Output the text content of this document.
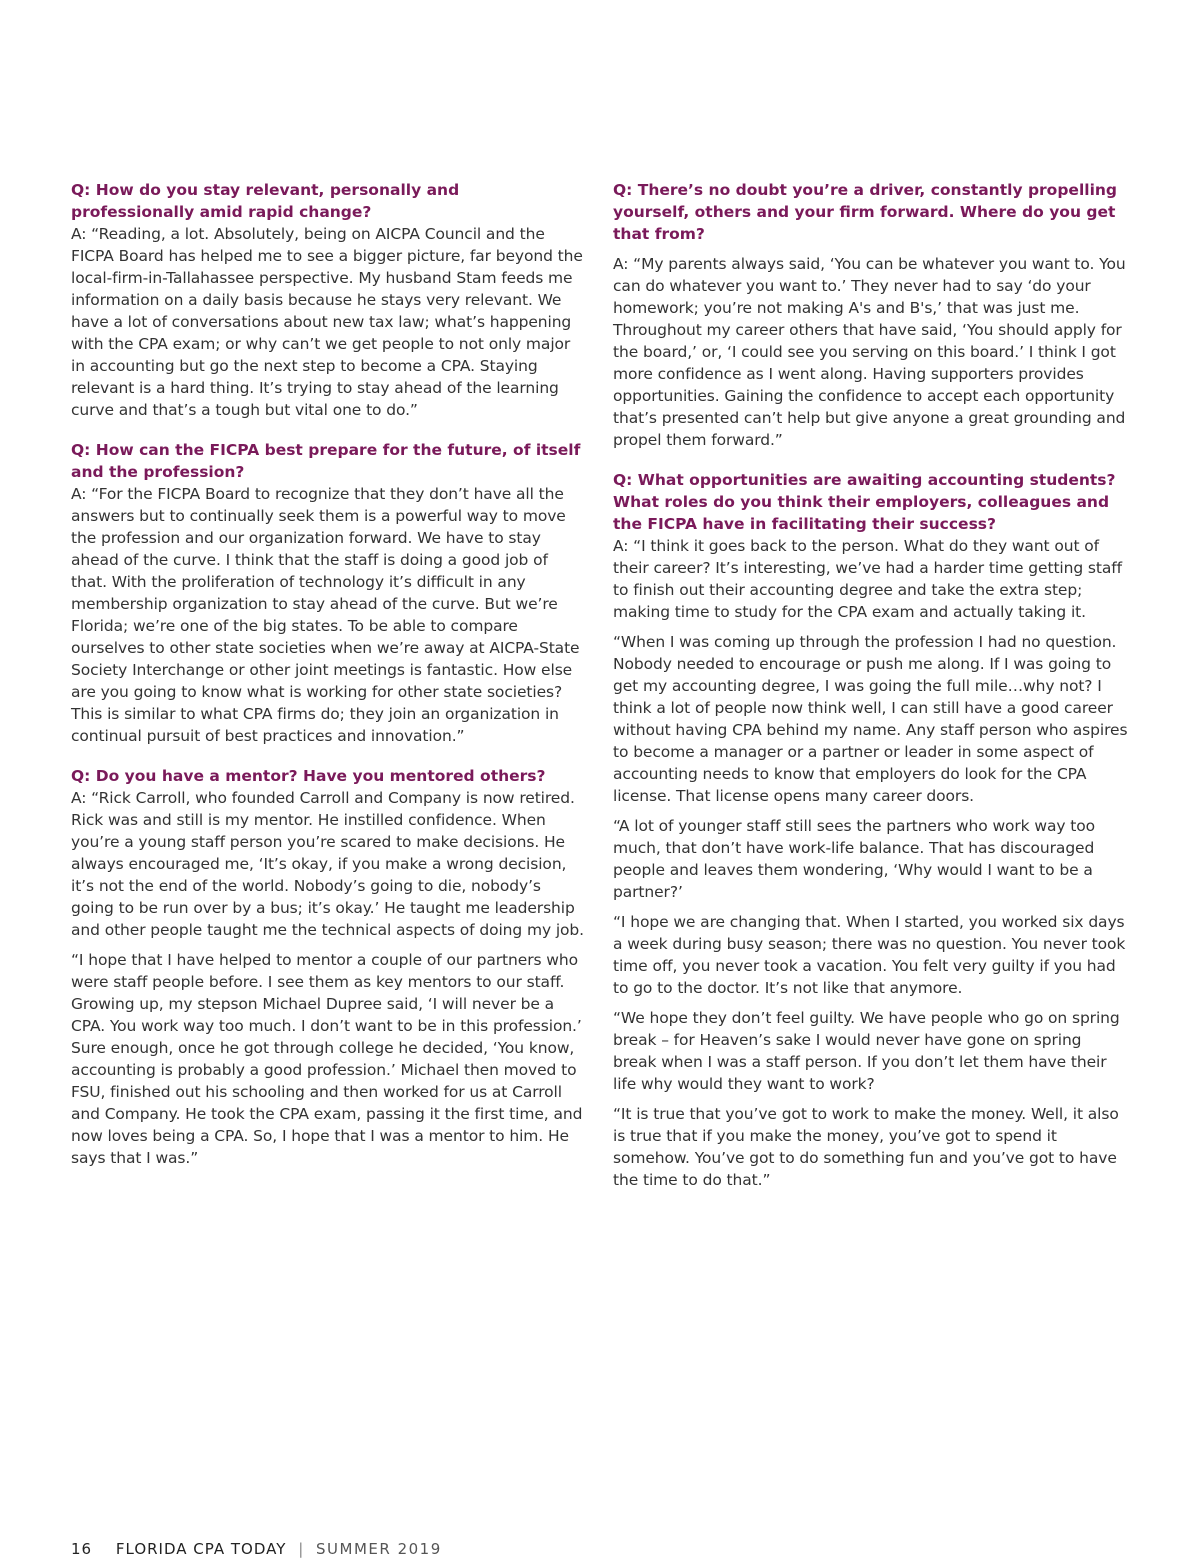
Q: How do you stay relevant, personally and professionally amid rapid change?

A: “Reading, a lot. Absolutely, being on AICPA Council and the FICPA Board has helped me to see a bigger picture, far beyond the local-firm-in-Tallahassee perspective. My husband Stam feeds me information on a daily basis because he stays very relevant. We have a lot of conversations about new tax law; what’s happening with the CPA exam; or why can’t we get people to not only major in accounting but go the next step to become a CPA. Staying relevant is a hard thing. It’s trying to stay ahead of the learning curve and that’s a tough but vital one to do.”

Q: How can the FICPA best prepare for the future, of itself and the profession?

A: “For the FICPA Board to recognize that they don’t have all the answers but to continually seek them is a powerful way to move the profession and our organization forward. We have to stay ahead of the curve. I think that the staff is doing a good job of that. With the proliferation of technology it’s difficult in any membership organization to stay ahead of the curve. But we’re Florida; we’re one of the big states. To be able to compare ourselves to other state societies when we’re away at AICPA-State Society Interchange or other joint meetings is fantastic. How else are you going to know what is working for other state societies? This is similar to what CPA firms do; they join an organization in continual pursuit of best practices and innovation.”

Q: Do you have a mentor? Have you mentored others?

A: “Rick Carroll, who founded Carroll and Company is now retired. Rick was and still is my mentor. He instilled confidence. When you’re a young staff person you’re scared to make decisions. He always encouraged me, ‘It’s okay, if you make a wrong decision, it’s not the end of the world. Nobody’s going to die, nobody’s going to be run over by a bus; it’s okay.’ He taught me leadership and other people taught me the technical aspects of doing my job.

“I hope that I have helped to mentor a couple of our partners who were staff people before. I see them as key mentors to our staff. Growing up, my stepson Michael Dupree said, ‘I will never be a CPA. You work way too much. I don’t want to be in this profession.’ Sure enough, once he got through college he decided, ‘You know, accounting is probably a good profession.’ Michael then moved to FSU, finished out his schooling and then worked for us at Carroll and Company. He took the CPA exam, passing it the first time, and now loves being a CPA. So, I hope that I was a mentor to him. He says that I was.”

Q: There’s no doubt you’re a driver, constantly propelling yourself, others and your firm forward. Where do you get that from?

A: “My parents always said, ‘You can be whatever you want to. You can do whatever you want to.’ They never had to say ‘do your homework; you’re not making A's and B's,’ that was just me. Throughout my career others that have said, ‘You should apply for the board,’ or, ‘I could see you serving on this board.’ I think I got more confidence as I went along. Having supporters provides opportunities. Gaining the confidence to accept each opportunity that’s presented can’t help but give anyone a great grounding and propel them forward.”

Q: What opportunities are awaiting accounting students? What roles do you think their employers, colleagues and the FICPA have in facilitating their success?

A: “I think it goes back to the person. What do they want out of their career? It’s interesting, we’ve had a harder time getting staff to finish out their accounting degree and take the extra step; making time to study for the CPA exam and actually taking it.

“When I was coming up through the profession I had no question. Nobody needed to encourage or push me along. If I was going to get my accounting degree, I was going the full mile…why not? I think a lot of people now think well, I can still have a good career without having CPA behind my name. Any staff person who aspires to become a manager or a partner or leader in some aspect of accounting needs to know that employers do look for the CPA license. That license opens many career doors.

“A lot of younger staff still sees the partners who work way too much, that don’t have work-life balance. That has discouraged people and leaves them wondering, ‘Why would I want to be a partner?’

“I hope we are changing that. When I started, you worked six days a week during busy season; there was no question. You never took time off, you never took a vacation. You felt very guilty if you had to go to the doctor. It’s not like that anymore.

“We hope they don’t feel guilty. We have people who go on spring break – for Heaven’s sake I would never have gone on spring break when I was a staff person. If you don’t let them have their life why would they want to work?

“It is true that you’ve got to work to make the money. Well, it also is true that if you make the money, you’ve got to spend it somehow. You’ve got to do something fun and you’ve got to have the time to do that.”

16 FLORIDA CPA TODAY | SUMMER 2019
